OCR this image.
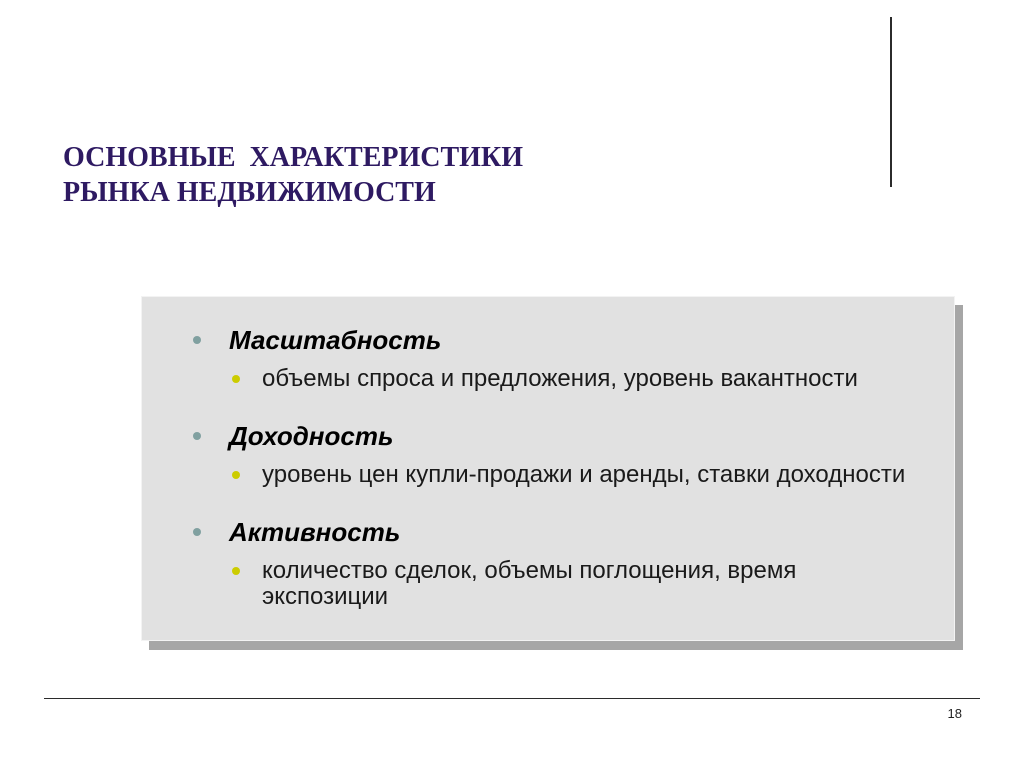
ОСНОВНЫЕ  ХАРАКТЕРИСТИКИ
РЫНКА НЕДВИЖИМОСТИ
Масштабность
объемы спроса и предложения, уровень вакантности
Доходность
уровень цен купли-продажи и аренды, ставки доходности
Активность
количество сделок, объемы поглощения, время
экспозиции
18
